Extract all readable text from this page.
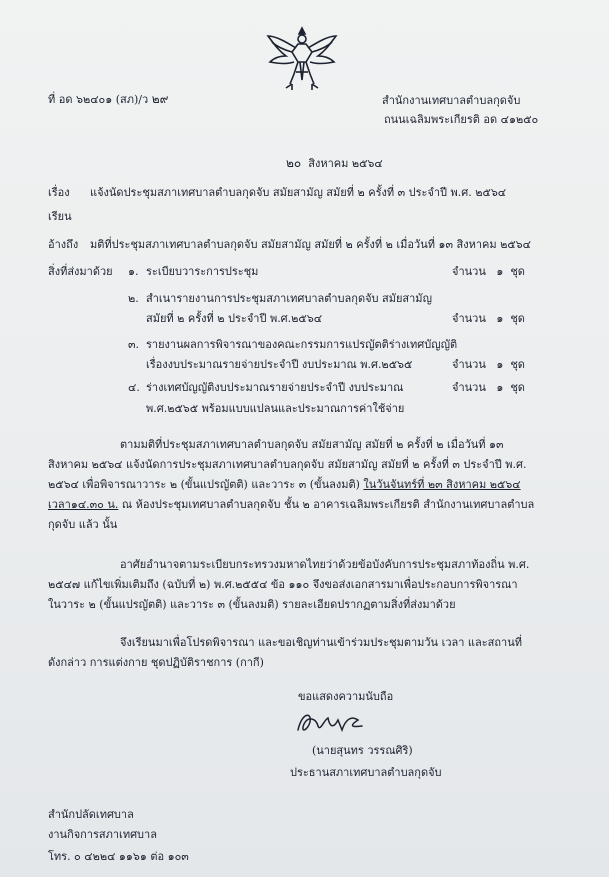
ที่ อด ๖๒๔๐๑ (สภ)/ว ๒๙	สำนักงานเทศบาลตำบลกุดจับ
ถนนเฉลิมพระเกียรติ อด ๔๑๒๕๐
๒๐ สิงหาคม ๒๕๖๔
เรื่อง แจ้งนัดประชุมสภาเทศบาลตำบลกุดจับ สมัยสามัญ สมัยที่ ๒ ครั้งที่ ๓ ประจำปี พ.ศ. ๒๕๖๔
เรียน
อ้างถึง มติที่ประชุมสภาเทศบาลตำบลกุดจับ สมัยสามัญ สมัยที่ ๒ ครั้งที่ ๒ เมื่อวันที่ ๑๓ สิงหาคม ๒๕๖๔
สิ่งที่ส่งมาด้วย ๑. ระเบียบวาระการประชุม	จำนวน ๑ ชุด
๒. สำเนารายงานการประชุมสภาเทศบาลตำบลกุดจับ สมัยสามัญ
สมัยที่ ๒ ครั้งที่ ๒ ประจำปี พ.ศ.๒๕๖๔	จำนวน ๑ ชุด
๓. รายงานผลการพิจารณาของคณะกรรมการแปรญัตติร่างเทศบัญญัติ
เรื่องงบประมาณรายจ่ายประจำปี งบประมาณ พ.ศ.๒๕๖๕	จำนวน ๑ ชุด
๔. ร่างเทศบัญญัติงบประมาณรายจ่ายประจำปี งบประมาณ
พ.ศ.๒๕๖๕ พร้อมแบบแปลนและประมาณการค่าใช้จ่าย
จำนวน ๑ ชุด
ตามมติที่ประชุมสภาเทศบาลตำบลกุดจับ สมัยสามัญ สมัยที่ ๒ ครั้งที่ ๒ เมื่อวันที่ ๑๓
สิงหาคม ๒๕๖๔ แจ้งนัดการประชุมสภาเทศบาลตำบลกุดจับ สมัยสามัญ สมัยที่ ๒ ครั้งที่ ๓ ประจำปี พ.ศ.
๒๕๖๔ เพื่อพิจารณาวาระ ๒ (ขั้นแปรญัตติ) และวาระ ๓ (ขั้นลงมติ) ในวันจันทร์ที่ ๒๓ สิงหาคม ๒๕๖๔
เวลา๑๔.๓๐ น. ณ ห้องประชุมเทศบาลตำบลกุดจับ ชั้น ๒ อาคารเฉลิมพระเกียรติ สำนักงานเทศบาลตำบล
กุดจับ แล้ว นั้น
อาศัยอำนาจตามระเบียบกระทรวงมหาดไทยว่าด้วยข้อบังคับการประชุมสภาท้องถิ่น พ.ศ.
๒๕๔๗ แก้ไขเพิ่มเติมถึง (ฉบับที่ ๒) พ.ศ.๒๕๕๔ ข้อ ๑๑๐ จึงขอส่งเอกสารมาเพื่อประกอบการพิจารณา
ในวาระ ๒ (ขั้นแปรญัตติ) และวาระ ๓ (ขั้นลงมติ) รายละเอียดปรากฏตามสิ่งที่ส่งมาด้วย
จึงเรียนมาเพื่อโปรดพิจารณา และขอเชิญท่านเข้าร่วมประชุมตามวัน เวลา และสถานที่
ดังกล่าว การแต่งกาย ชุดปฏิบัติราชการ (กากี)
ขอแสดงความนับถือ
(นายสุนทร วรรณศิริ)
ประธานสภาเทศบาลตำบลกุดจับ
สำนักปลัดเทศบาล
งานกิจการสภาเทศบาล
โทร. ๐ ๔๒๒๔ ๑๑๖๑ ต่อ ๑๐๓
